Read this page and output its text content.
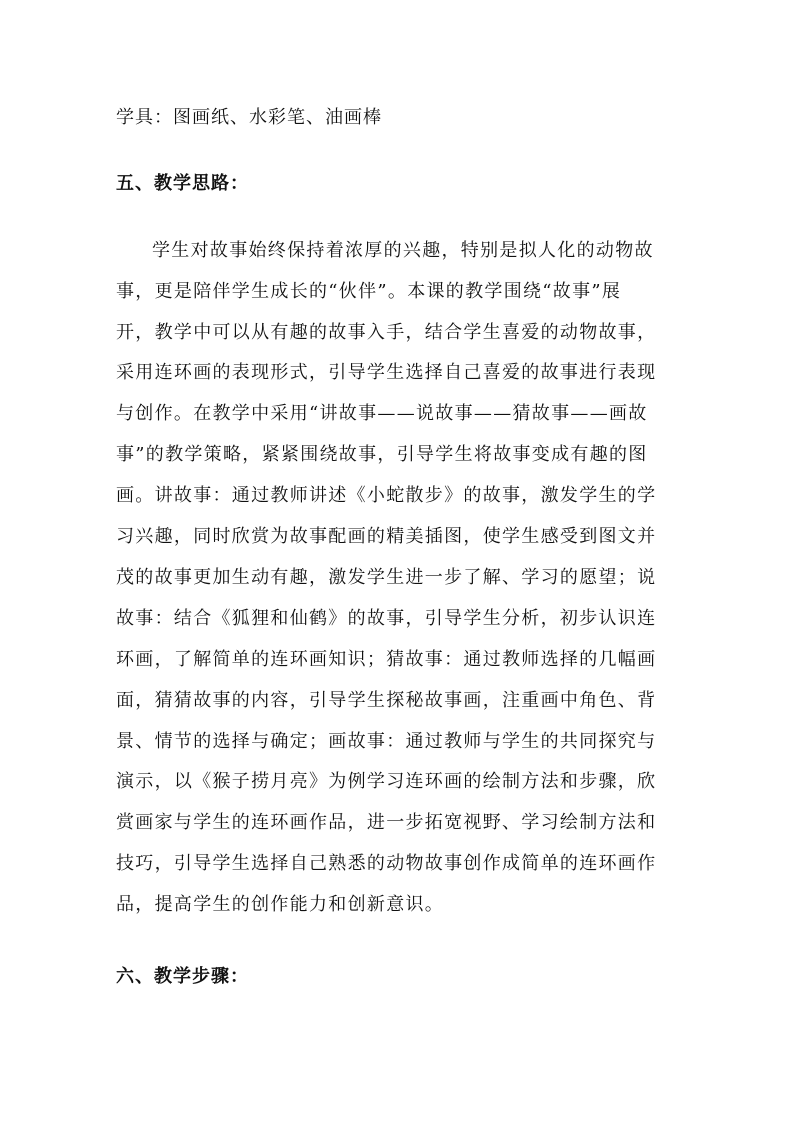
学具：图画纸、水彩笔、油画棒
五、教学思路：
学生对故事始终保持着浓厚的兴趣，特别是拟人化的动物故
事，更是陪伴学生成长的“伙伴”。本课的教学围绕“故事”展
开，教学中可以从有趣的故事入手，结合学生喜爱的动物故事，
采用连环画的表现形式，引导学生选择自己喜爱的故事进行表现
与创作。在教学中采用“讲故事——说故事——猜故事——画故
事”的教学策略，紧紧围绕故事，引导学生将故事变成有趣的图
画。讲故事：通过教师讲述《小蛇散步》的故事，激发学生的学
习兴趣，同时欣赏为故事配画的精美插图，使学生感受到图文并
茂的故事更加生动有趣，激发学生进一步了解、学习的愿望；说
故事：结合《狐狸和仙鹤》的故事，引导学生分析，初步认识连
环画，了解简单的连环画知识；猜故事：通过教师选择的几幅画
面，猜猜故事的内容，引导学生探秘故事画，注重画中角色、背
景、情节的选择与确定；画故事：通过教师与学生的共同探究与
演示，以《猴子捞月亮》为例学习连环画的绘制方法和步骤，欣
赏画家与学生的连环画作品，进一步拓宽视野、学习绘制方法和
技巧，引导学生选择自己熟悉的动物故事创作成简单的连环画作
品，提高学生的创作能力和创新意识。
六、教学步骤：
